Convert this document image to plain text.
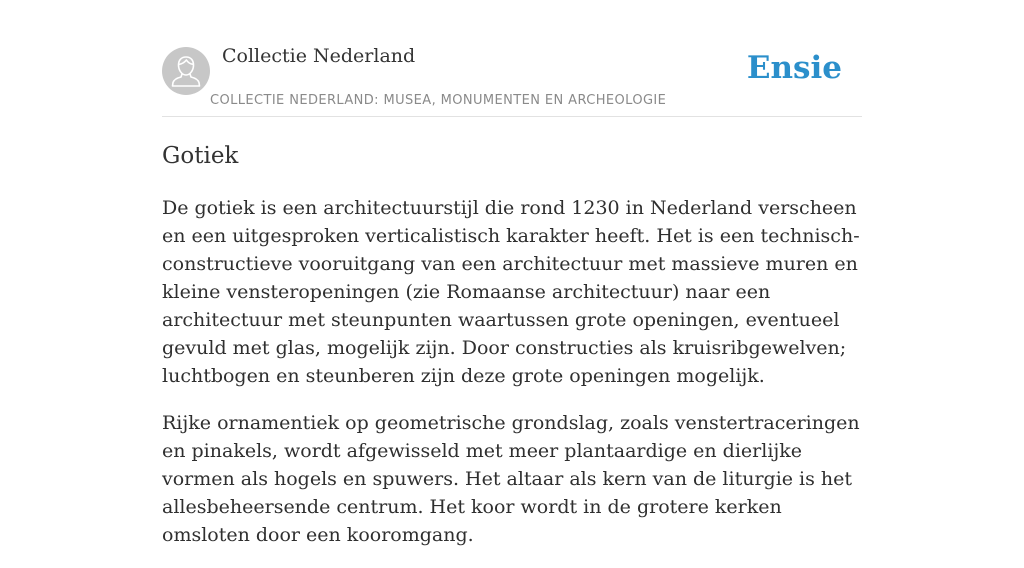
Collectie Nederland
COLLECTIE NEDERLAND: MUSEA, MONUMENTEN EN ARCHEOLOGIE
Ensie
Gotiek

De gotiek is een architectuurstijl die rond 1230 in Nederland verscheen en een uitgesproken verticalistisch karakter heeft. Het is een technisch-constructieve vooruitgang van een architectuur met massieve muren en kleine vensteropeningen (zie Romaanse architectuur) naar een architectuur met steunpunten waartussen grote openingen, eventueel gevuld met glas, mogelijk zijn. Door constructies als kruisribgewelven; luchtbogen en steunberen zijn deze grote openingen mogelijk.

Rijke ornamentiek op geometrische grondslag, zoals venstertraceringen en pinakels, wordt afgewisseld met meer plantaardige en dierlijke vormen als hogels en spuwers. Het altaar als kern van de liturgie is het allesbeheersende centrum. Het koor wordt in de grotere kerken omsloten door een kooromgang.
